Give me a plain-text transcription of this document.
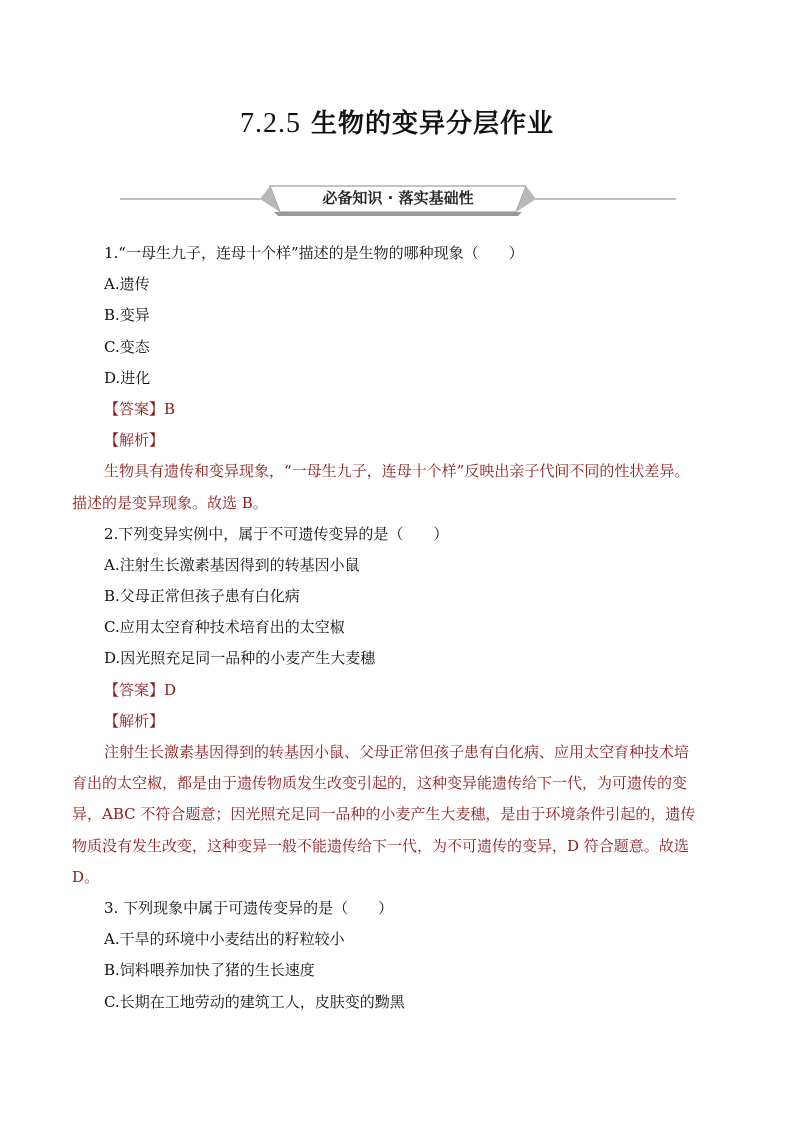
7.2.5 生物的变异分层作业
必备知识 · 落实基础性
1.“一母生九子，连母十个样”描述的是生物的哪种现象（　　）
A.遗传
B.变异
C.变态
D.进化
【答案】B
【解析】
生物具有遗传和变异现象，“一母生九子，连母十个样”反映出亲子代间不同的性状差异。
描述的是变异现象。故选 B。
2.下列变异实例中，属于不可遗传变异的是（　　）
A.注射生长激素基因得到的转基因小鼠
B.父母正常但孩子患有白化病
C.应用太空育种技术培育出的太空椒
D.因光照充足同一品种的小麦产生大麦穗
【答案】D
【解析】
注射生长激素基因得到的转基因小鼠、父母正常但孩子患有白化病、应用太空育种技术培
育出的太空椒，都是由于遗传物质发生改变引起的，这种变异能遗传给下一代，为可遗传的变
异，ABC 不符合题意；因光照充足同一品种的小麦产生大麦穗，是由于环境条件引起的，遗传
物质没有发生改变，这种变异一般不能遗传给下一代，为不可遗传的变异，D 符合题意。故选
D。
3. 下列现象中属于可遗传变异的是（　　）
A.干旱的环境中小麦结出的籽粒较小
B.饲料喂养加快了猪的生长速度
C.长期在工地劳动的建筑工人，皮肤变的黝黑
